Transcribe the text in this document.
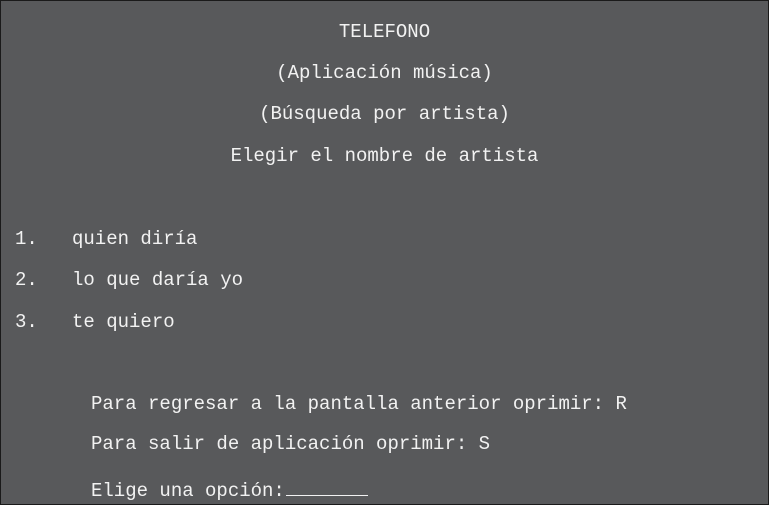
TELEFONO
(Aplicación música)
(Búsqueda por artista)
Elegir el nombre de artista
1. quien diría
2. lo que daría yo
3. te quiero
Para regresar a la pantalla anterior oprimir: R
Para salir de aplicación oprimir: S
Elige una opción:
